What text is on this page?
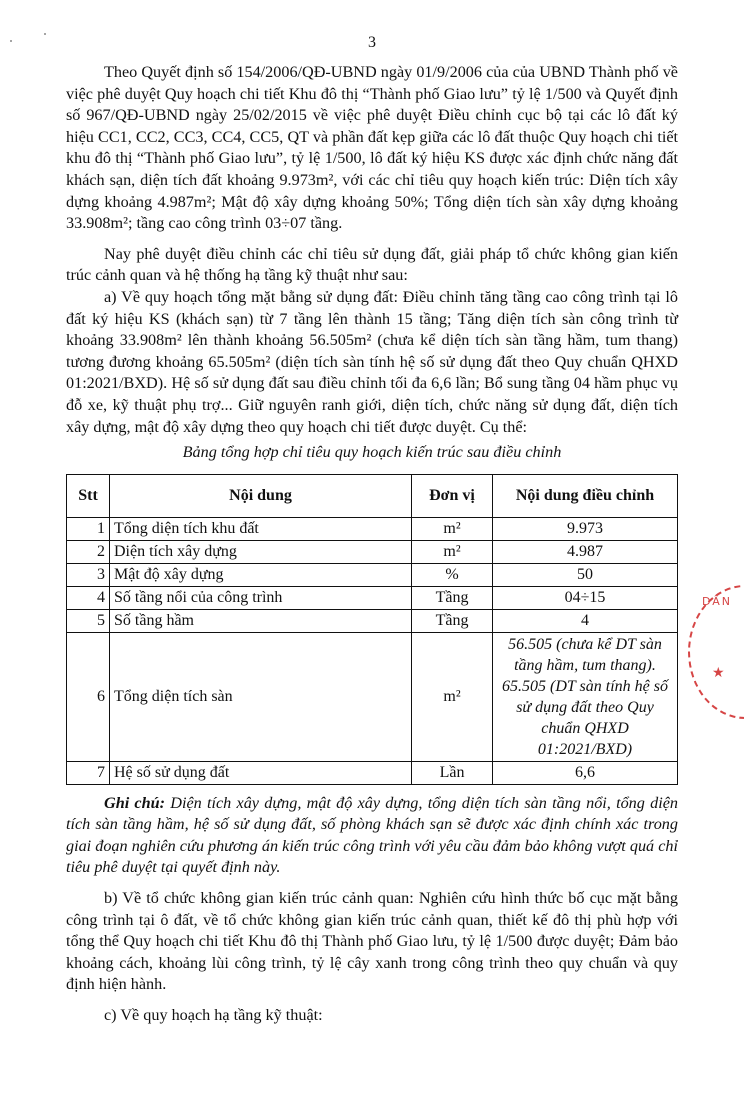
3

Theo Quyết định số 154/2006/QĐ-UBND ngày 01/9/2006 của của UBND Thành phố về việc phê duyệt Quy hoạch chi tiết Khu đô thị “Thành phố Giao lưu” tỷ lệ 1/500 và Quyết định số 967/QĐ-UBND ngày 25/02/2015 về việc phê duyệt Điều chỉnh cục bộ tại các lô đất ký hiệu CC1, CC2, CC3, CC4, CC5, QT và phần đất kẹp giữa các lô đất thuộc Quy hoạch chi tiết khu đô thị “Thành phố Giao lưu”, tỷ lệ 1/500, lô đất ký hiệu KS được xác định chức năng đất khách sạn, diện tích đất khoảng 9.973m², với các chỉ tiêu quy hoạch kiến trúc: Diện tích xây dựng khoảng 4.987m²; Mật độ xây dựng khoảng 50%; Tổng diện tích sàn xây dựng khoảng 33.908m²; tầng cao công trình 03÷07 tầng.

Nay phê duyệt điều chỉnh các chỉ tiêu sử dụng đất, giải pháp tổ chức không gian kiến trúc cảnh quan và hệ thống hạ tầng kỹ thuật như sau:

a) Về quy hoạch tổng mặt bằng sử dụng đất: Điều chỉnh tăng tầng cao công trình tại lô đất ký hiệu KS (khách sạn) từ 7 tầng lên thành 15 tầng; Tăng diện tích sàn công trình từ khoảng 33.908m² lên thành khoảng 56.505m² (chưa kể diện tích sàn tầng hầm, tum thang) tương đương khoảng 65.505m² (diện tích sàn tính hệ số sử dụng đất theo Quy chuẩn QHXD 01:2021/BXD). Hệ số sử dụng đất sau điều chỉnh tối đa 6,6 lần; Bổ sung tầng 04 hầm phục vụ đỗ xe, kỹ thuật phụ trợ... Giữ nguyên ranh giới, diện tích, chức năng sử dụng đất, diện tích xây dựng, mật độ xây dựng theo quy hoạch chi tiết được duyệt. Cụ thể:

Bảng tổng hợp chỉ tiêu quy hoạch kiến trúc sau điều chỉnh
Stt	Nội dung	Đơn vị	Nội dung điều chỉnh
1	Tổng diện tích khu đất	m²	9.973
2	Diện tích xây dựng	m²	4.987
3	Mật độ xây dựng	%	50
4	Số tầng nổi của công trình	Tầng	04÷15
5	Số tầng hầm	Tầng	4
6	Tổng diện tích sàn	m²	56.505 (chưa kể DT sàn tầng hầm, tum thang).
65.505 (DT sàn tính hệ số sử dụng đất theo Quy chuẩn QHXD 01:2021/BXD)

7	Hệ số sử dụng đất	Lần	6,6

Ghi chú: Diện tích xây dựng, mật độ xây dựng, tổng diện tích sàn tầng nổi, tổng diện tích sàn tầng hầm, hệ số sử dụng đất, số phòng khách sạn sẽ được xác định chính xác trong giai đoạn nghiên cứu phương án kiến trúc công trình với yêu cầu đảm bảo không vượt quá chỉ tiêu phê duyệt tại quyết định này.

b) Về tổ chức không gian kiến trúc cảnh quan: Nghiên cứu hình thức bố cục mặt bằng công trình tại ô đất, về tổ chức không gian kiến trúc cảnh quan, thiết kế đô thị phù hợp với tổng thể Quy hoạch chi tiết Khu đô thị Thành phố Giao lưu, tỷ lệ 1/500 được duyệt; Đảm bảo khoảng cách, khoảng lùi công trình, tỷ lệ cây xanh trong công trình theo quy chuẩn và quy định hiện hành.

c) Về quy hoạch hạ tầng kỹ thuật:

DÂN
★
